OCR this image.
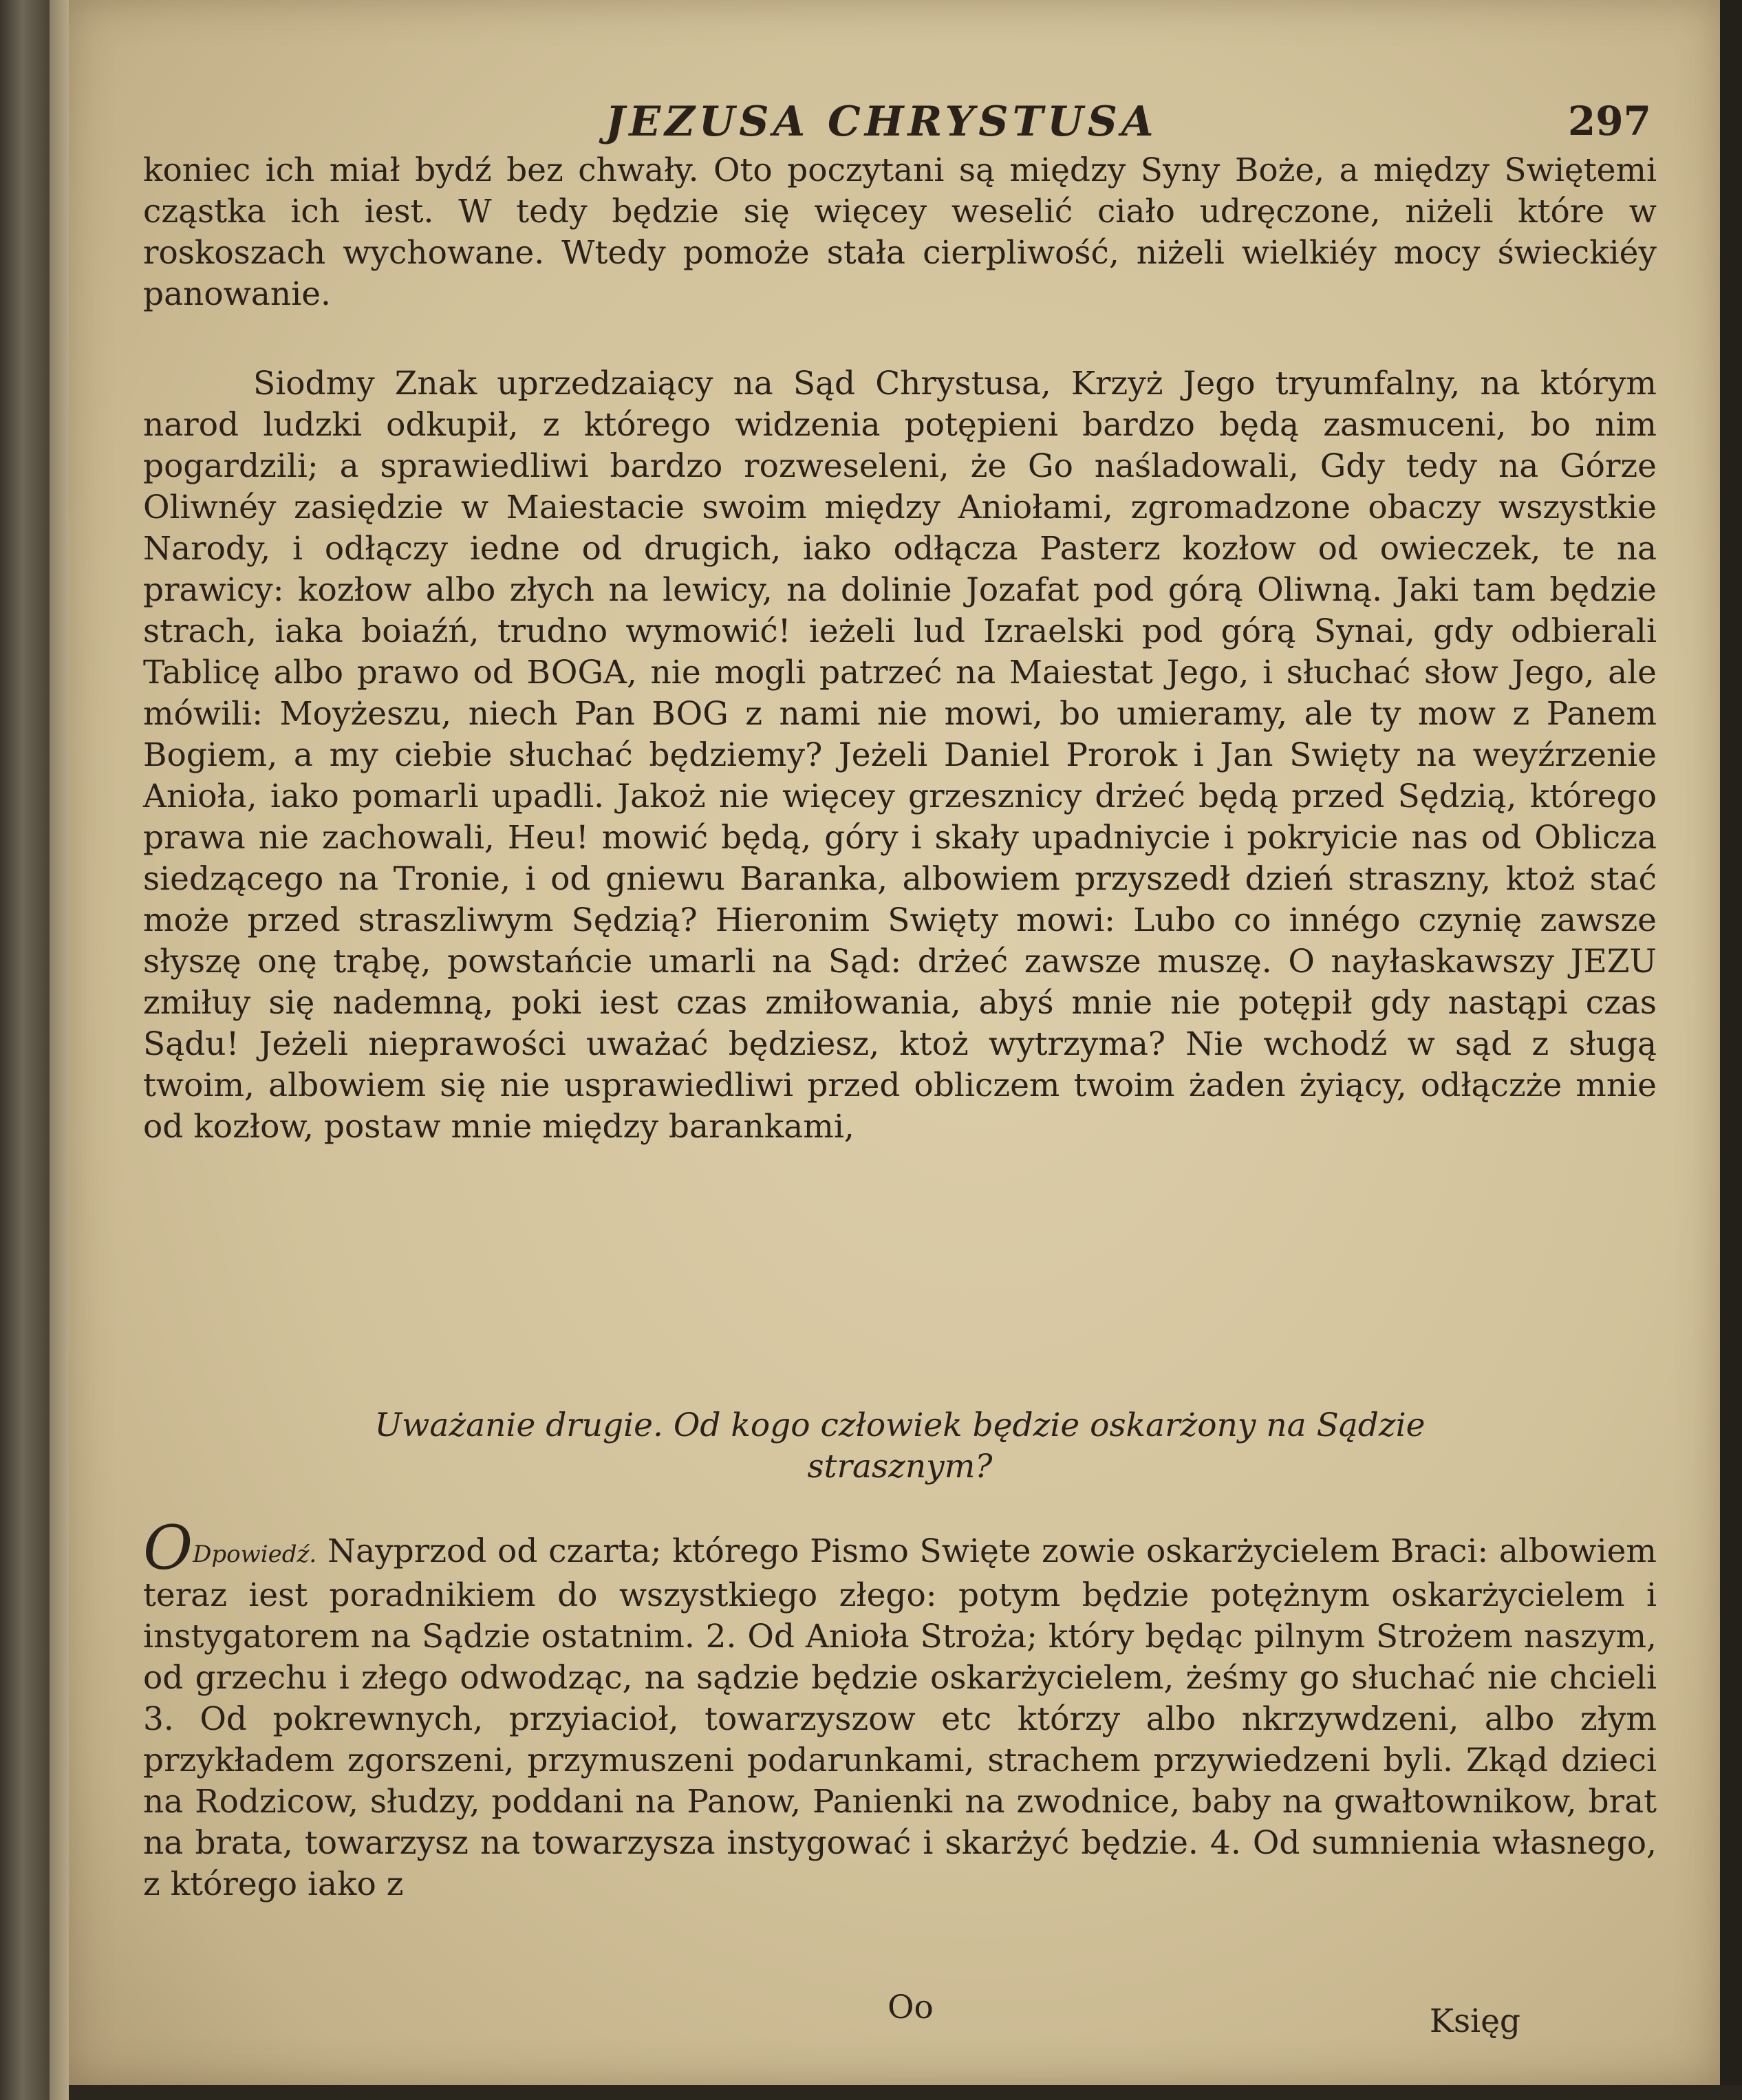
JEZUSA CHRYSTUSA	297

koniec ich miał bydź bez chwały. Oto poczytani są między Syny Boże, a między Swiętemi cząstka ich iest. W tedy będzie się więcey weselić ciało udręczone, niżeli które w roskoszach wychowane. Wtedy pomoże stała cierpliwość, niżeli wielkiéy mocy świeckiéy panowanie.

Siodmy Znak uprzedzaiący na Sąd Chrystusa, Krzyż Jego tryumfalny, na którym narod ludzki odkupił, z którego widzenia potępieni bardzo będą zasmuceni, bo nim pogardzili; a sprawiedliwi bardzo rozweseleni, że Go naśladowali, Gdy tedy na Górze Oliwnéy zasiędzie w Maiestacie swoim między Aniołami, zgromadzone obaczy wszystkie Narody, i odłączy iedne od drugich, iako odłącza Pasterz kozłow od owieczek, te na prawicy: kozłow albo złych na lewicy, na dolinie Jozafat pod górą Oliwną. Jaki tam będzie strach, iaka boiaźń, trudno wymowić! ieżeli lud Izraelski pod górą Synai, gdy odbierali Tablicę albo prawo od BOGA, nie mogli patrzeć na Maiestat Jego, i słuchać słow Jego, ale mówili: Moyżeszu, niech Pan BOG z nami nie mowi, bo umieramy, ale ty mow z Panem Bogiem, a my ciebie słuchać będziemy? Jeżeli Daniel Prorok i Jan Swięty na weyźrzenie Anioła, iako pomarli upadli. Jakoż nie więcey grzesznicy drżeć będą przed Sędzią, którego prawa nie zachowali, Heu! mowić będą, góry i skały upadniycie i pokryicie nas od Oblicza siedzącego na Tronie, i od gniewu Baranka, albowiem przyszedł dzień straszny, ktoż stać może przed straszliwym Sędzią? Hieronim Swięty mowi: Lubo co innégo czynię zawsze słyszę onę trąbę, powstańcie umarli na Sąd: drżeć zawsze muszę. O nayłaskawszy JEZU zmiłuy się nademną, poki iest czas zmiłowania, abyś mnie nie potępił gdy nastąpi czas Sądu! Jeżeli nieprawości uważać będziesz, ktoż wytrzyma? Nie wchodź w sąd z sługą twoim, albowiem się nie usprawiedliwi przed obliczem twoim żaden żyiący, odłączże mnie od kozłow, postaw mnie między barankami,

Uważanie drugie. Od kogo człowiek będzie oskarżony na Sądzie
strasznym?

ODpowiedź. Nayprzod od czarta; którego Pismo Swięte zowie oskarżycielem Braci: albowiem teraz iest poradnikiem do wszystkiego złego: potym będzie potężnym oskarżycielem i instygatorem na Sądzie ostatnim. 2. Od Anioła Stroża; który będąc pilnym Strożem naszym, od grzechu i złego odwodząc, na sądzie będzie oskarżycielem, żeśmy go słuchać nie chcieli 3. Od pokrewnych, przyiacioł, towarzyszow etc którzy albo nkrzywdzeni, albo złym przykładem zgorszeni, przymuszeni podarunkami, strachem przywiedzeni byli. Zkąd dzieci na Rodzicow, słudzy, poddani na Panow, Panienki na zwodnice, baby na gwałtownikow, brat na brata, towarzysz na towarzysza instygować i skarżyć będzie. 4. Od sumnienia własnego, z którego iako z

Oo	Księg
